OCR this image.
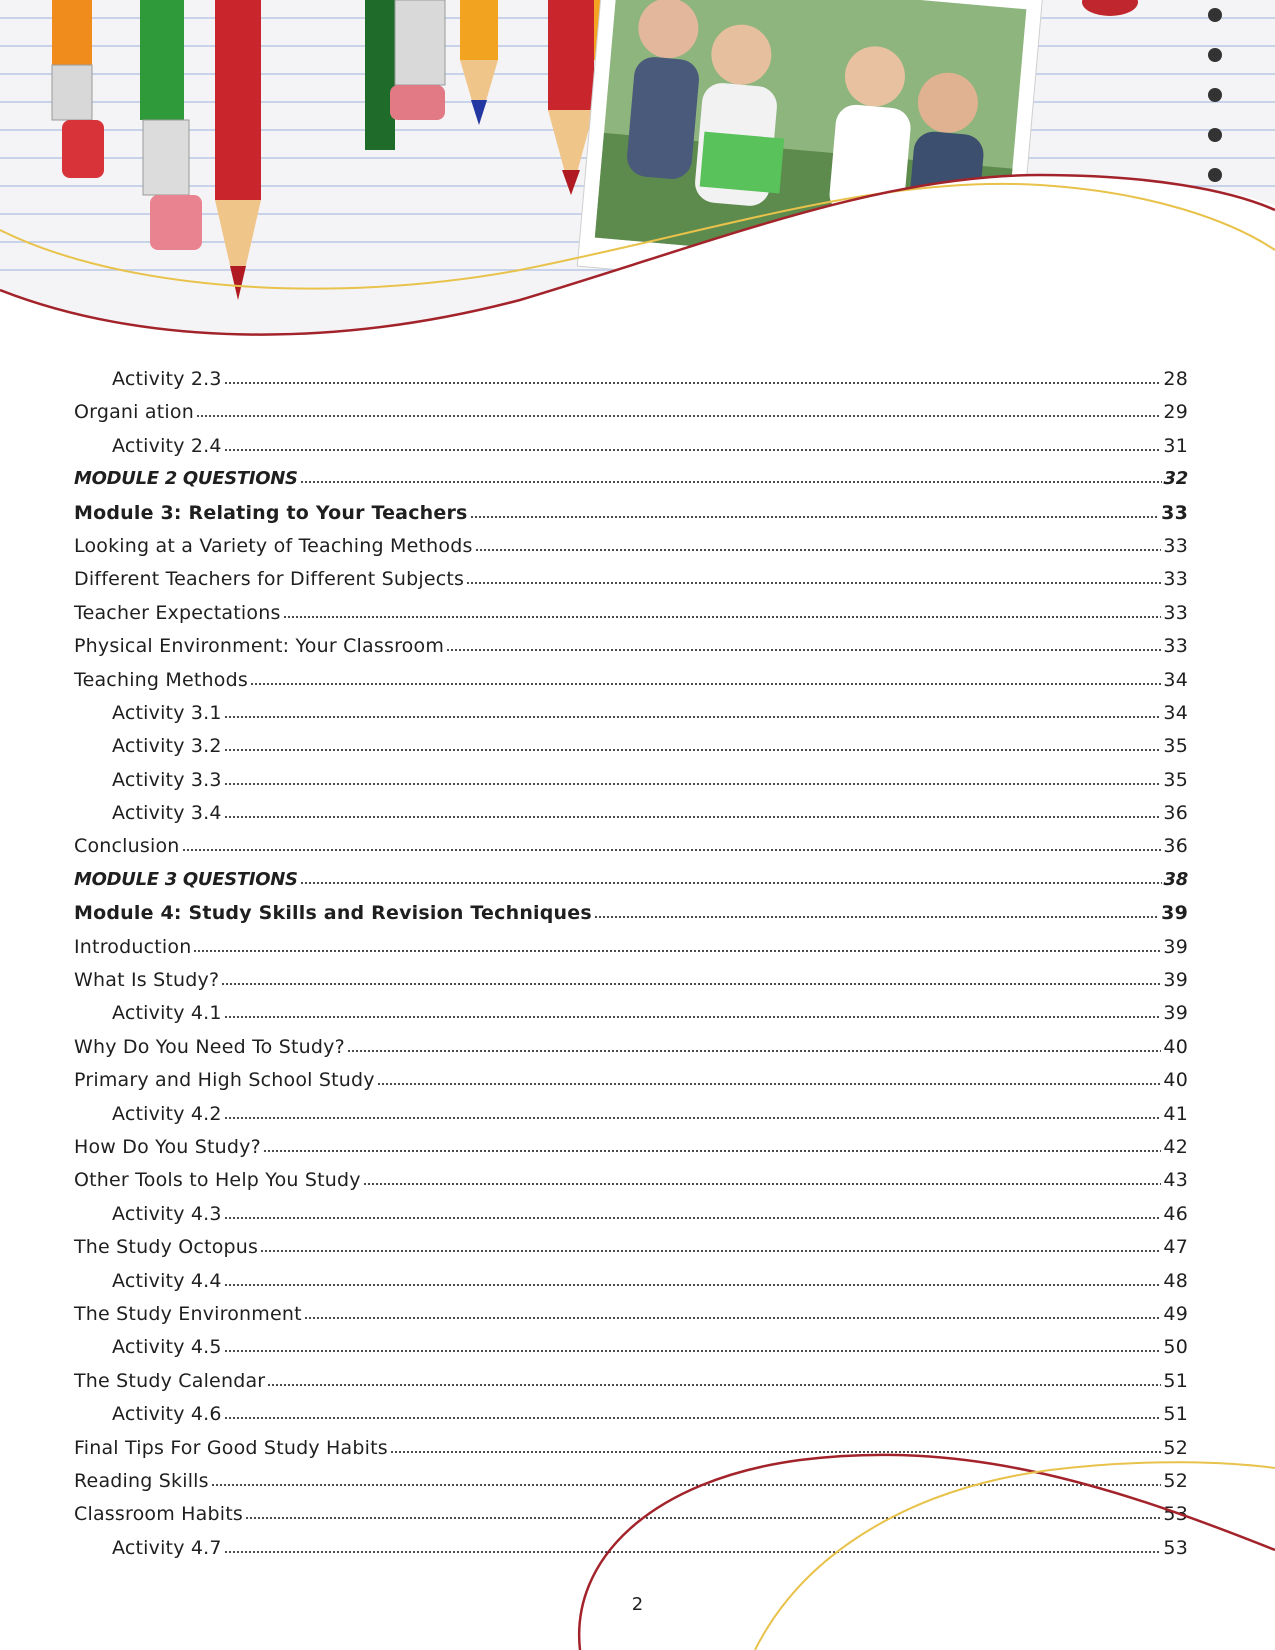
Activity 2.3	28
Organi ation	29
Activity 2.4	31
MODULE 2 QUESTIONS	32
Module 3: Relating to Your Teachers	33
Looking at a Variety of Teaching Methods	33
Different Teachers for Different Subjects	33
Teacher Expectations	33
Physical Environment: Your Classroom	33
Teaching Methods	34
Activity 3.1	34
Activity 3.2	35
Activity 3.3	35
Activity 3.4	36
Conclusion	36
MODULE 3 QUESTIONS	38
Module 4: Study Skills and Revision Techniques	39
Introduction	39
What Is Study?	39
Activity 4.1	39
Why Do You Need To Study?	40
Primary and High School Study	40
Activity 4.2	41
How Do You Study?	42
Other Tools to Help You Study	43
Activity 4.3	46
The Study Octopus	47
Activity 4.4	48
The Study Environment	49
Activity 4.5	50
The Study Calendar	51
Activity 4.6	51
Final Tips For Good Study Habits	52
Reading Skills	52
Classroom Habits	53
Activity 4.7	53
2
